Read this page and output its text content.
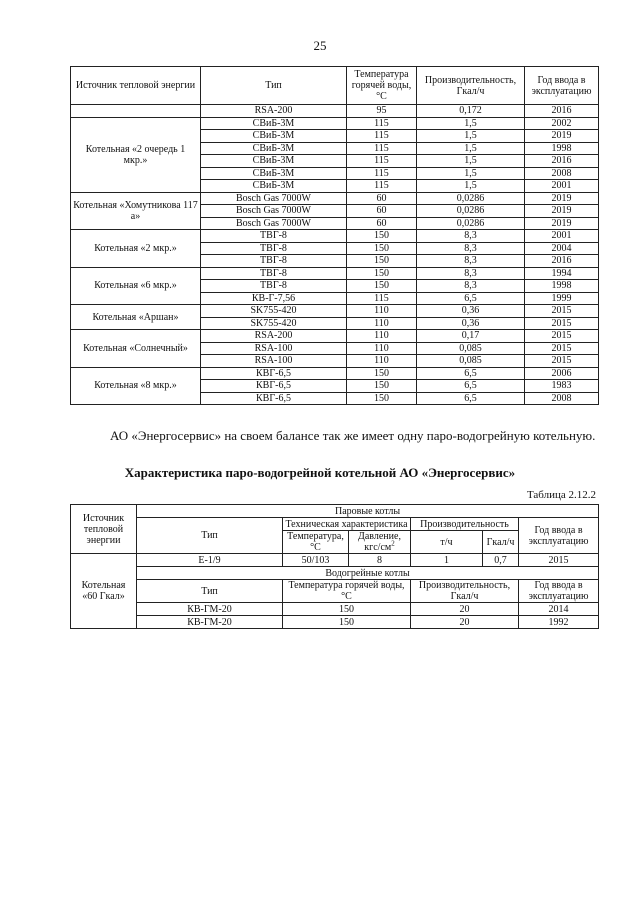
25
Источник тепловой энергии	Тип	Температура горячей воды, °C	Производительность, Гкал/ч	Год ввода в эксплуатацию
	RSA-200	95	0,172	2016
Котельная «2 очередь 1 мкр.»	СВиБ-3М	115	1,5	2002
	СВиБ-3М	115	1,5	2019
	СВиБ-3М	115	1,5	1998
	СВиБ-3М	115	1,5	2016
	СВиБ-3М	115	1,5	2008
	СВиБ-3М	115	1,5	2001
Котельная «Хомутникова 117 а»	Bosch Gas 7000W	60	0,0286	2019
	Bosch Gas 7000W	60	0,0286	2019
	Bosch Gas 7000W	60	0,0286	2019
Котельная «2 мкр.»	ТВГ-8	150	8,3	2001
	ТВГ-8	150	8,3	2004
	ТВГ-8	150	8,3	2016
Котельная «6 мкр.»	ТВГ-8	150	8,3	1994
	ТВГ-8	150	8,3	1998
	КВ-Г-7,56	115	6,5	1999
Котельная «Аршан»	SK755-420	110	0,36	2015
	SK755-420	110	0,36	2015
Котельная «Солнечный»	RSA-200	110	0,17	2015
	RSA-100	110	0,085	2015
	RSA-100	110	0,085	2015
Котельная «8 мкр.»	КВГ-6,5	150	6,5	2006
	КВГ-6,5	150	6,5	1983
	КВГ-6,5	150	6,5	2008
АО «Энергосервис» на своем балансе так же имеет одну паро-водогрейную котельную.
Характеристика паро-водогрейной котельной АО «Энергосервис»
Таблица 2.12.2
Источник тепловой энергии	Паровые котлы					
	Тип	Техническая характеристика		Производительность		Год ввода в эксплуатацию

		Температура, °C	Давление, кгс/$см^2$	т/ч	Гкал/ч	
Котельная «60 Гкал»	Е-1/9	50/103	8	1	0,7	2015
	Водогрейные котлы					
	Тип	Температура горячей воды, °C		Производительность, Гкал/ч		Год ввода в эксплуатацию
	КВ-ГМ-20	150		20		2014
	КВ-ГМ-20	150		20		1992
